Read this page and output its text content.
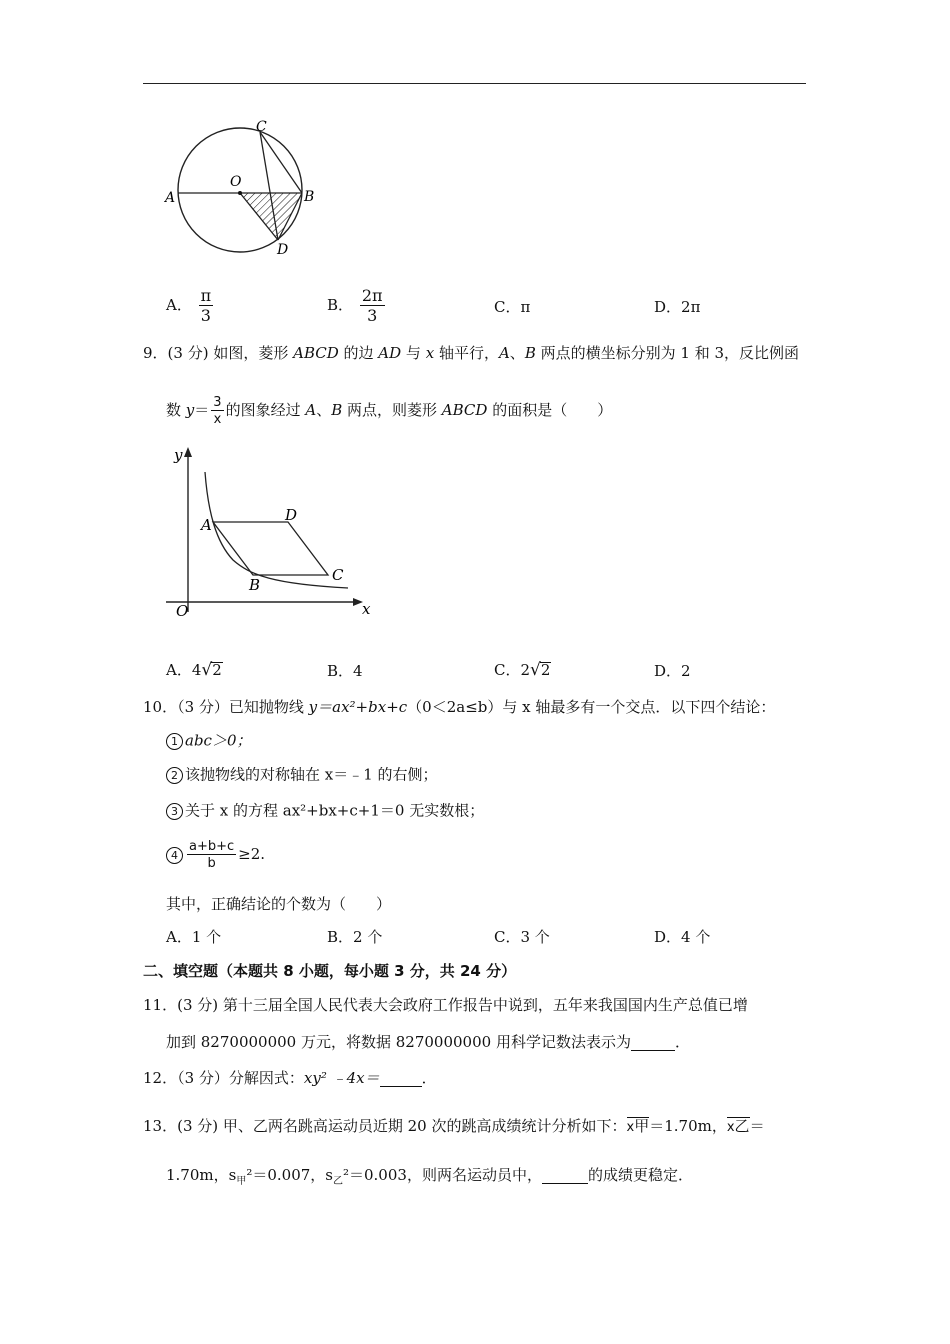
A
O
C
B
D
A． $\frac{\pi}{3}$	B． $\frac{2\pi}{3}$	C．π	D．2π
9．(3 分) 如图，菱形 ABCD 的边 AD 与 x 轴平行，A、B 两点的横坐标分别为 1 和 3，反比例函
数 $y= \frac{3}{x}$ 的图象经过 A、B 两点，则菱形 ABCD 的面积是（　　）
y
x
O
A
D
B
C
A．4√2	B．4	C．2√2	D．2
10．（3 分）已知抛物线 y＝ax²+bx+c（0＜2a≤b）与 x 轴最多有一个交点．以下四个结论：
1 abc＞0；
2 该抛物线的对称轴在 x＝﹣1 的右侧；
3 关于 x 的方程 ax²+bx+c+1＝0 无实数根；
$4 \frac{a+b+c}{b} \ge 2$.
其中，正确结论的个数为（　　）
A．1 个	B．2 个	C．3 个	D．4 个
二、填空题（本题共 8 小题，每小题 3 分，共 24 分）
11．(3 分) 第十三届全国人民代表大会政府工作报告中说到，五年来我国国内生产总值已增
加到 8270000000 万元，将数据 8270000000 用科学记数法表示为	．
12．（3 分）分解因式：xy² ﹣4x＝	．
13．(3 分) 甲、乙两名跳高运动员近期 20 次的跳高成绩统计分析如下：x甲＝1.70m，x乙＝
1.70m，$s_甲^2=0.007$，$s_乙^2=0.003$，则两名运动员中，	的成绩更稳定．
